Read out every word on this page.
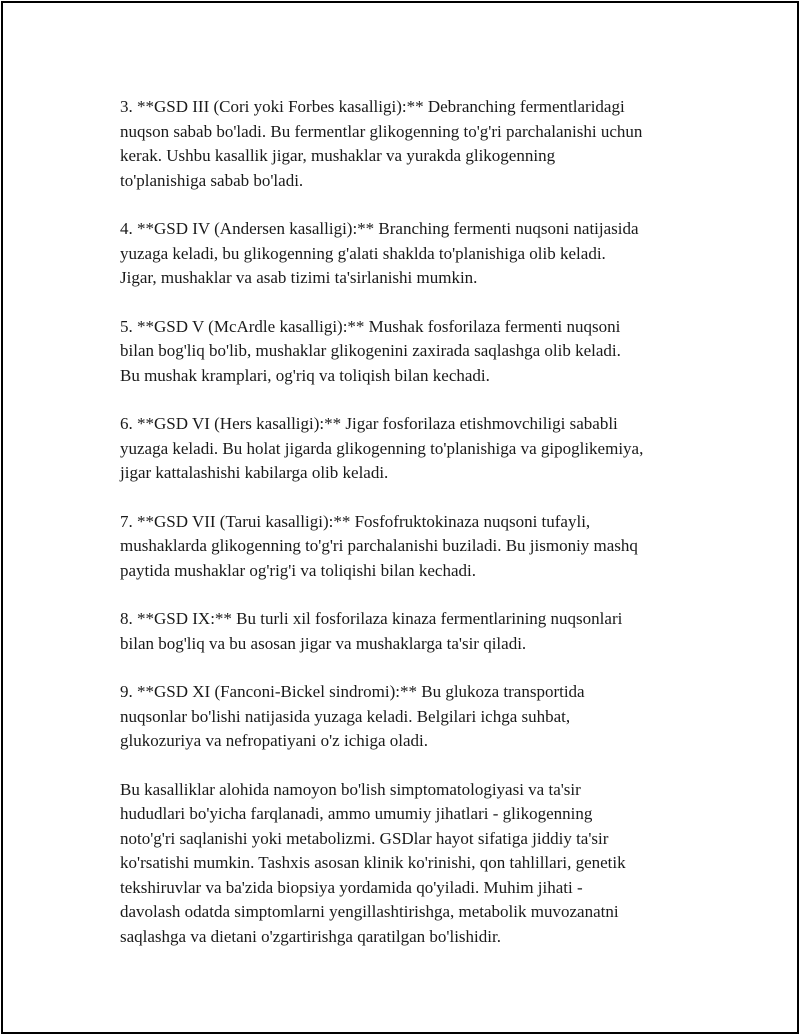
3. **GSD III (Cori yoki Forbes kasalligi):** Debranching fermentlaridagi
nuqson sabab bo'ladi. Bu fermentlar glikogenning to'g'ri parchalanishi uchun
kerak. Ushbu kasallik jigar, mushaklar va yurakda glikogenning
to'planishiga sabab bo'ladi.

4. **GSD IV (Andersen kasalligi):** Branching fermenti nuqsoni natijasida
yuzaga keladi, bu glikogenning g'alati shaklda to'planishiga olib keladi.
Jigar, mushaklar va asab tizimi ta'sirlanishi mumkin.

5. **GSD V (McArdle kasalligi):** Mushak fosforilaza fermenti nuqsoni
bilan bog'liq bo'lib, mushaklar glikogenini zaxirada saqlashga olib keladi.
Bu mushak kramplari, og'riq va toliqish bilan kechadi.

6. **GSD VI (Hers kasalligi):** Jigar fosforilaza etishmovchiligi sababli
yuzaga keladi. Bu holat jigarda glikogenning to'planishiga va gipoglikemiya,
jigar kattalashishi kabilarga olib keladi.

7. **GSD VII (Tarui kasalligi):** Fosfofruktokinaza nuqsoni tufayli,
mushaklarda glikogenning to'g'ri parchalanishi buziladi. Bu jismoniy mashq
paytida mushaklar og'rig'i va toliqishi bilan kechadi.

8. **GSD IX:** Bu turli xil fosforilaza kinaza fermentlarining nuqsonlari
bilan bog'liq va bu asosan jigar va mushaklarga ta'sir qiladi.

9. **GSD XI (Fanconi-Bickel sindromi):** Bu glukoza transportida
nuqsonlar bo'lishi natijasida yuzaga keladi. Belgilari ichga suhbat,
glukozuriya va nefropatiyani o'z ichiga oladi.

Bu kasalliklar alohida namoyon bo'lish simptomatologiyasi va ta'sir
hududlari bo'yicha farqlanadi, ammo umumiy jihatlari - glikogenning
noto'g'ri saqlanishi yoki metabolizmi. GSDlar hayot sifatiga jiddiy ta'sir
ko'rsatishi mumkin. Tashxis asosan klinik ko'rinishi, qon tahlillari, genetik
tekshiruvlar va ba'zida biopsiya yordamida qo'yiladi. Muhim jihati -
davolash odatda simptomlarni yengillashtirishga, metabolik muvozanatni
saqlashga va dietani o'zgartirishga qaratilgan bo'lishidir.
